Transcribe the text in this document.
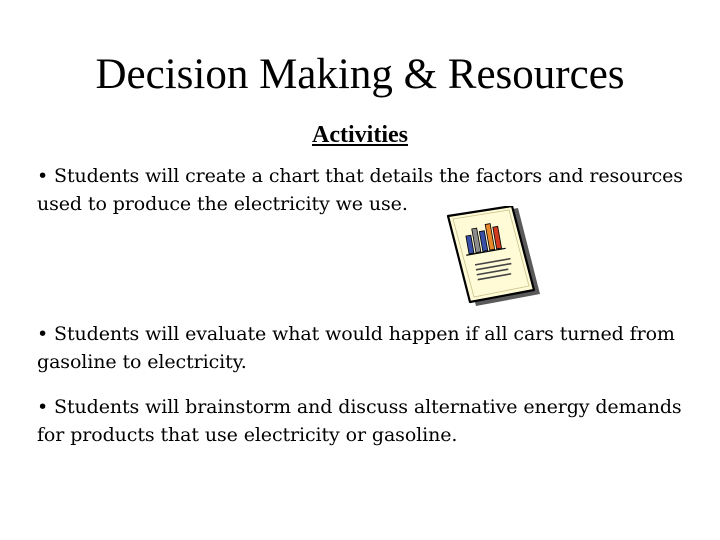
Decision Making & Resources

Activities

• Students will create a chart that details the factors and resources used to produce the electricity we use.

• Students will evaluate what would happen if all cars turned from gasoline to electricity.

• Students will brainstorm and discuss alternative energy demands for products that use electricity or gasoline.
